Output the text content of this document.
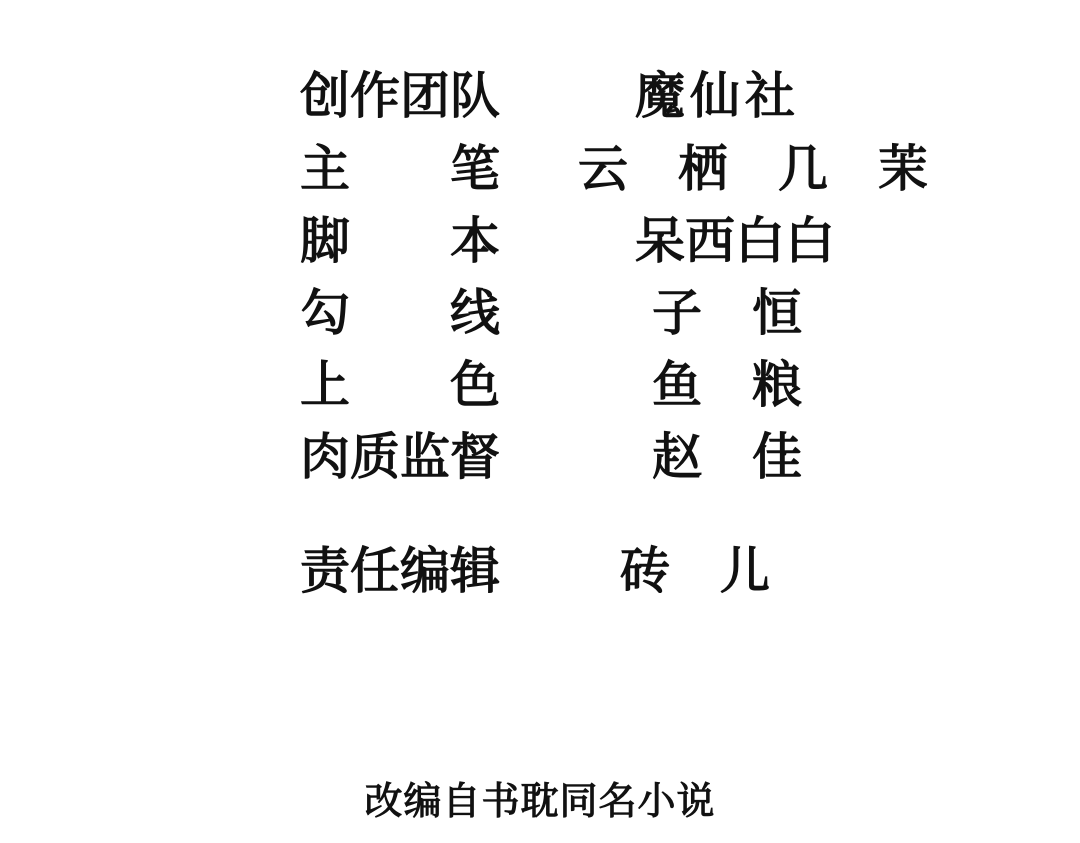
创作团队	魔仙社
主　　笔 云　栖　几　茉
脚　　本	呆西白白
勾　　线	子　恒
上　　色	鱼　粮
肉质监督	赵　佳
责任编辑 砖　儿
改编自书耽同名小说
